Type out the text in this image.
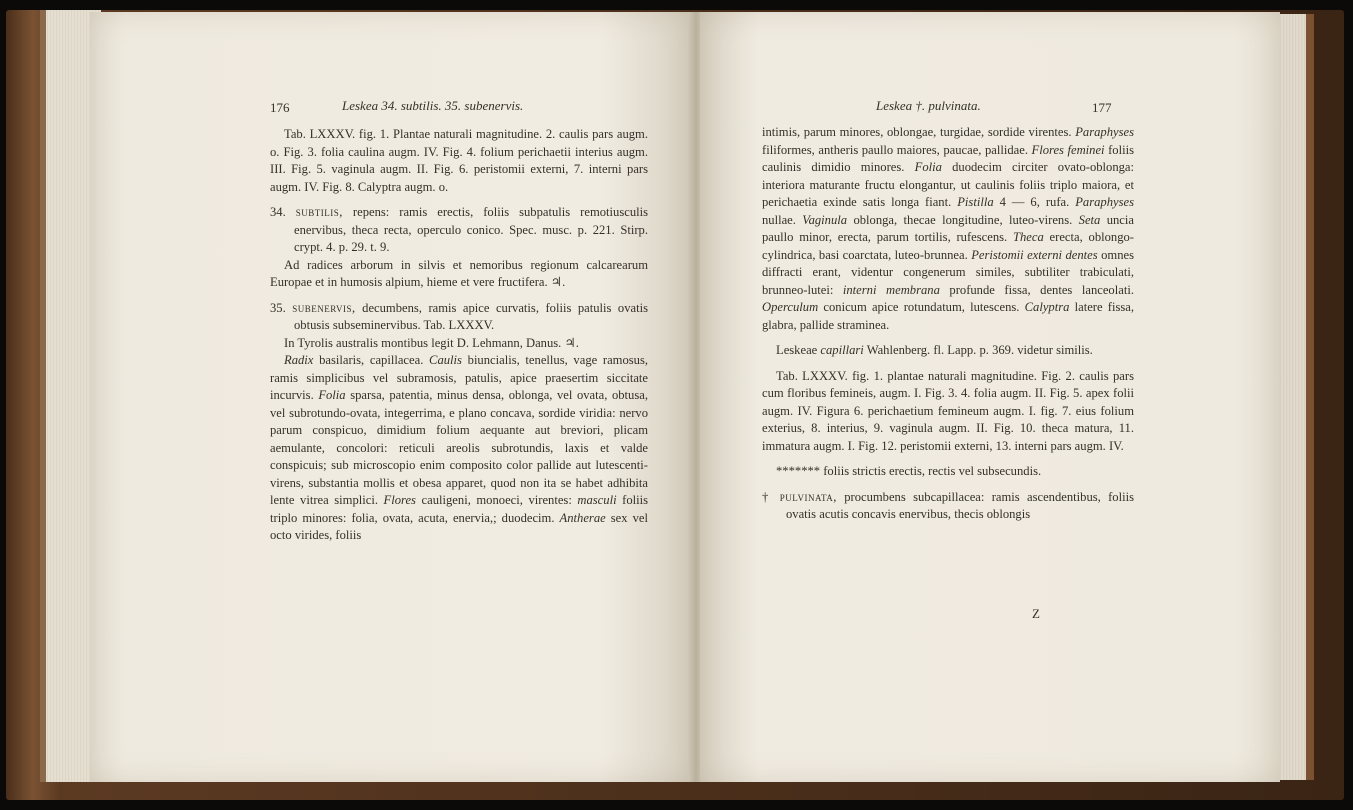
176	Leskea 34. subtilis. 35. subenervis.

Tab. LXXXV. fig. 1. Plantae naturali magnitudine. 2. caulis pars augm. o. Fig. 3. folia caulina augm. IV. Fig. 4. folium perichaetii interius augm. III. Fig. 5. vaginula augm. II. Fig. 6. peristomii externi, 7. interni pars augm. IV. Fig. 8. Calyptra augm. o.

34. subtilis, repens: ramis erectis, foliis subpatulis remotiusculis enervibus, theca recta, operculo conico. Spec. musc. p. 221. Stirp. crypt. 4. p. 29. t. 9.

Ad radices arborum in silvis et nemoribus regionum calcarearum Europae et in humosis alpium, hieme et vere fructifera. ♃.

35. subenervis, decumbens, ramis apice curvatis, foliis patulis ovatis obtusis subseminervibus. Tab. LXXXV.

In Tyrolis australis montibus legit D. Lehmann, Danus. ♃.

Radix basilaris, capillacea. Caulis biuncialis, tenellus, vage ramosus, ramis simplicibus vel subramosis, patulis, apice praesertim siccitate incurvis. Folia sparsa, patentia, minus densa, oblonga, vel ovata, obtusa, vel subrotundo-ovata, integerrima, e plano concava, sordide viridia: nervo parum conspicuo, dimidium folium aequante aut breviori, plicam aemulante, concolori: reticuli areolis subrotundis, laxis et valde conspicuis; sub microscopio enim composito color pallide aut lutescenti-virens, substantia mollis et obesa apparet, quod non ita se habet adhibita lente vitrea simplici. Flores cauligeni, monoeci, virentes: masculi foliis triplo minores: folia, ovata, acuta, enervia,; duodecim. Antherae sex vel octo virides, foliis

Leskea †. pulvinata.	177

intimis, parum minores, oblongae, turgidae, sordide virentes. Paraphyses filiformes, antheris paullo maiores, paucae, pallidae. Flores feminei foliis caulinis dimidio minores. Folia duodecim circiter ovato-oblonga: interiora maturante fructu elongantur, ut caulinis foliis triplo maiora, et perichaetia exinde satis longa fiant. Pistilla 4 — 6, rufa. Paraphyses nullae. Vaginula oblonga, thecae longitudine, luteo-virens. Seta uncia paullo minor, erecta, parum tortilis, rufescens. Theca erecta, oblongo-cylindrica, basi coarctata, luteo-brunnea. Peristomii externi dentes omnes diffracti erant, videntur congenerum similes, subtiliter trabiculati, brunneo-lutei: interni membrana profunde fissa, dentes lanceolati. Operculum conicum apice rotundatum, lutescens. Calyptra latere fissa, glabra, pallide straminea.

Leskeae capillari Wahlenberg. fl. Lapp. p. 369. videtur similis.

Tab. LXXXV. fig. 1. plantae naturali magnitudine. Fig. 2. caulis pars cum floribus femineis, augm. I. Fig. 3. 4. folia augm. II. Fig. 5. apex folii augm. IV. Figura 6. perichaetium femineum augm. I. fig. 7. eius folium exterius, 8. interius, 9. vaginula augm. II. Fig. 10. theca matura, 11. immatura augm. I. Fig. 12. peristomii externi, 13. interni pars augm. IV.

******* foliis strictis erectis, rectis vel subsecundis.

† pulvinata, procumbens subcapillacea: ramis ascendentibus, foliis ovatis acutis concavis enervibus, thecis oblongis

Z
